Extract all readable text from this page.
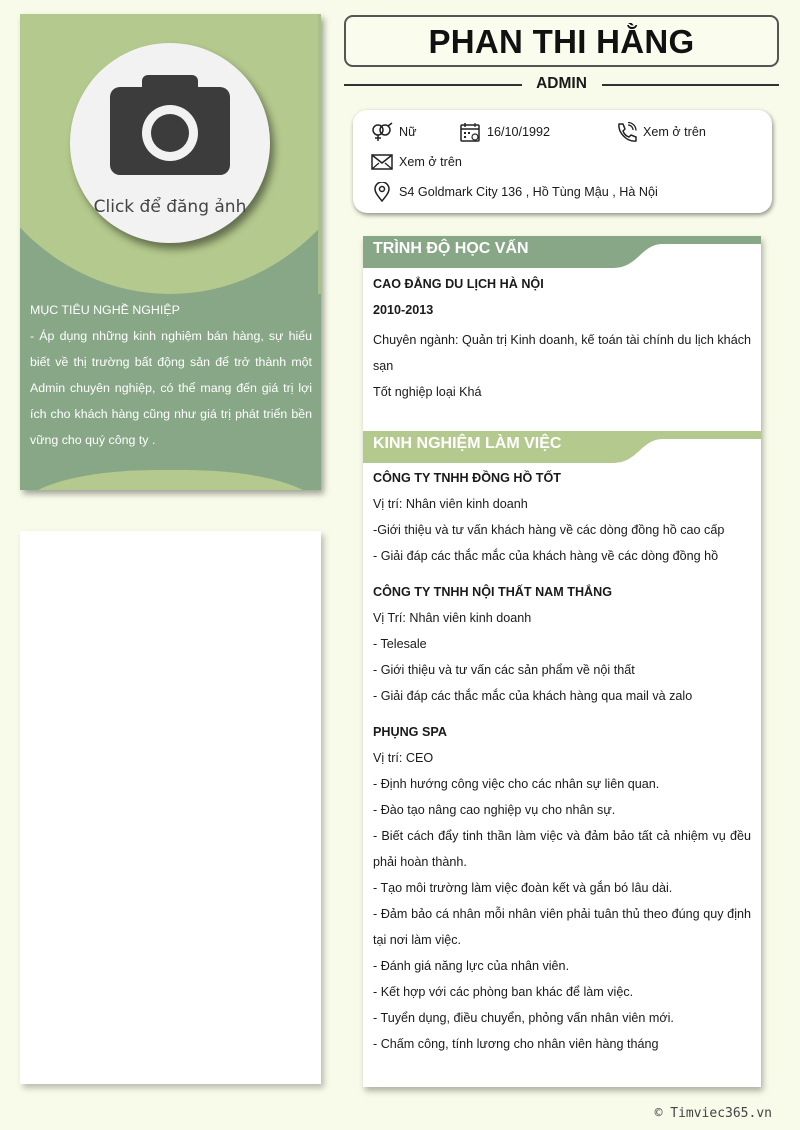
Click để đăng ảnh
MỤC TIÊU NGHỀ NGHIỆP

- Áp dụng những kinh nghiệm bán hàng, sự hiểu biết về thị trường bất động sản để trở thành một Admin chuyên nghiệp, có thể mang đến giá trị lợi ích cho khách hàng cũng như giá trị phát triển bền vững cho quý công ty .

PHAN THI HẰNG
ADMIN
Nữ	16/10/1992	Xem ở trên
Xem ở trên
S4 Goldmark City 136 , Hồ Tùng Mậu , Hà Nội
TRÌNH ĐỘ HỌC VẤN
CAO ĐẲNG DU LỊCH HÀ NỘI
2010-2013
Chuyên ngành: Quản trị Kinh doanh, kế toán tài chính du lịch khách sạn
Tốt nghiệp loại Khá
KINH NGHIỆM LÀM VIỆC
CÔNG TY TNHH ĐỒNG HỒ TỐT
Vị trí: Nhân viên kinh doanh
-Giới thiệu và tư vấn khách hàng về các dòng đồng hồ cao cấp
- Giải đáp các thắc mắc của khách hàng về các dòng đồng hồ
CÔNG TY TNHH NỘI THẤT NAM THẮNG
Vị Trí: Nhân viên kinh doanh
- Telesale
- Giới thiệu và tư vấn các sản phẩm về nội thất
- Giải đáp các thắc mắc của khách hàng qua mail và zalo
PHỤNG SPA
Vị trí: CEO
- Định hướng công việc cho các nhân sự liên quan.
- Đào tạo nâng cao nghiệp vụ cho nhân sự.
- Biết cách đẩy tinh thần làm việc và đảm bảo tất cả nhiệm vụ đều phải hoàn thành.
- Tạo môi trường làm việc đoàn kết và gắn bó lâu dài.
- Đảm bảo cá nhân mỗi nhân viên phải tuân thủ theo đúng quy định tại nơi làm việc.
- Đánh giá năng lực của nhân viên.
- Kết hợp với các phòng ban khác để làm việc.
- Tuyển dụng, điều chuyển, phỏng vấn nhân viên mới.
- Chấm công, tính lương cho nhân viên hàng tháng
© Timviec365.vn
